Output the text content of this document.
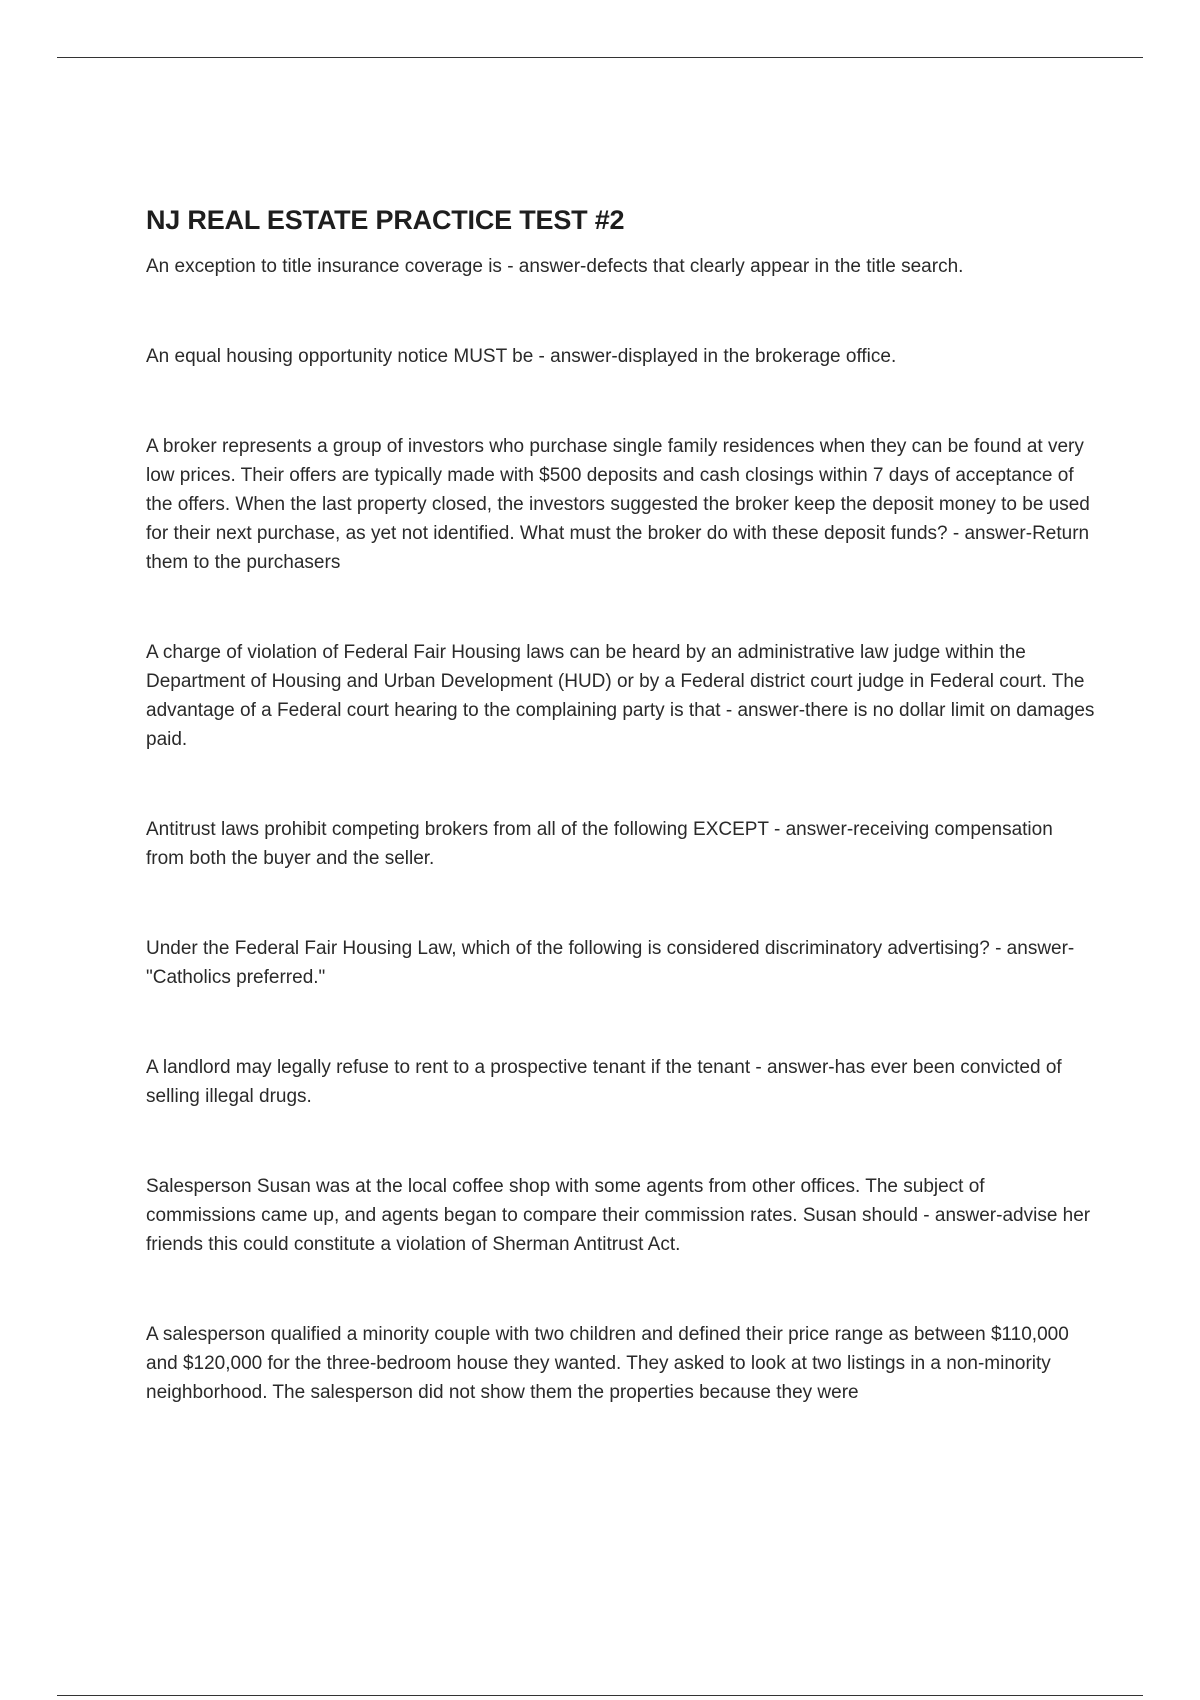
NJ REAL ESTATE PRACTICE TEST #2

An exception to title insurance coverage is - answer-defects that clearly appear in the title search.

An equal housing opportunity notice MUST be - answer-displayed in the brokerage office.

A broker represents a group of investors who purchase single family residences when they can be found at very low prices. Their offers are typically made with $500 deposits and cash closings within 7 days of acceptance of the offers. When the last property closed, the investors suggested the broker keep the deposit money to be used for their next purchase, as yet not identified. What must the broker do with these deposit funds? - answer-Return them to the purchasers

A charge of violation of Federal Fair Housing laws can be heard by an administrative law judge within the Department of Housing and Urban Development (HUD) or by a Federal district court judge in Federal court. The advantage of a Federal court hearing to the complaining party is that - answer-there is no dollar limit on damages paid.

Antitrust laws prohibit competing brokers from all of the following EXCEPT - answer-receiving compensation from both the buyer and the seller.

Under the Federal Fair Housing Law, which of the following is considered discriminatory advertising? - answer-"Catholics preferred."

A landlord may legally refuse to rent to a prospective tenant if the tenant - answer-has ever been convicted of selling illegal drugs.

Salesperson Susan was at the local coffee shop with some agents from other offices. The subject of commissions came up, and agents began to compare their commission rates. Susan should - answer-advise her friends this could constitute a violation of Sherman Antitrust Act.

A salesperson qualified a minority couple with two children and defined their price range as between $110,000 and $120,000 for the three-bedroom house they wanted. They asked to look at two listings in a non-minority neighborhood. The salesperson did not show them the properties because they were
